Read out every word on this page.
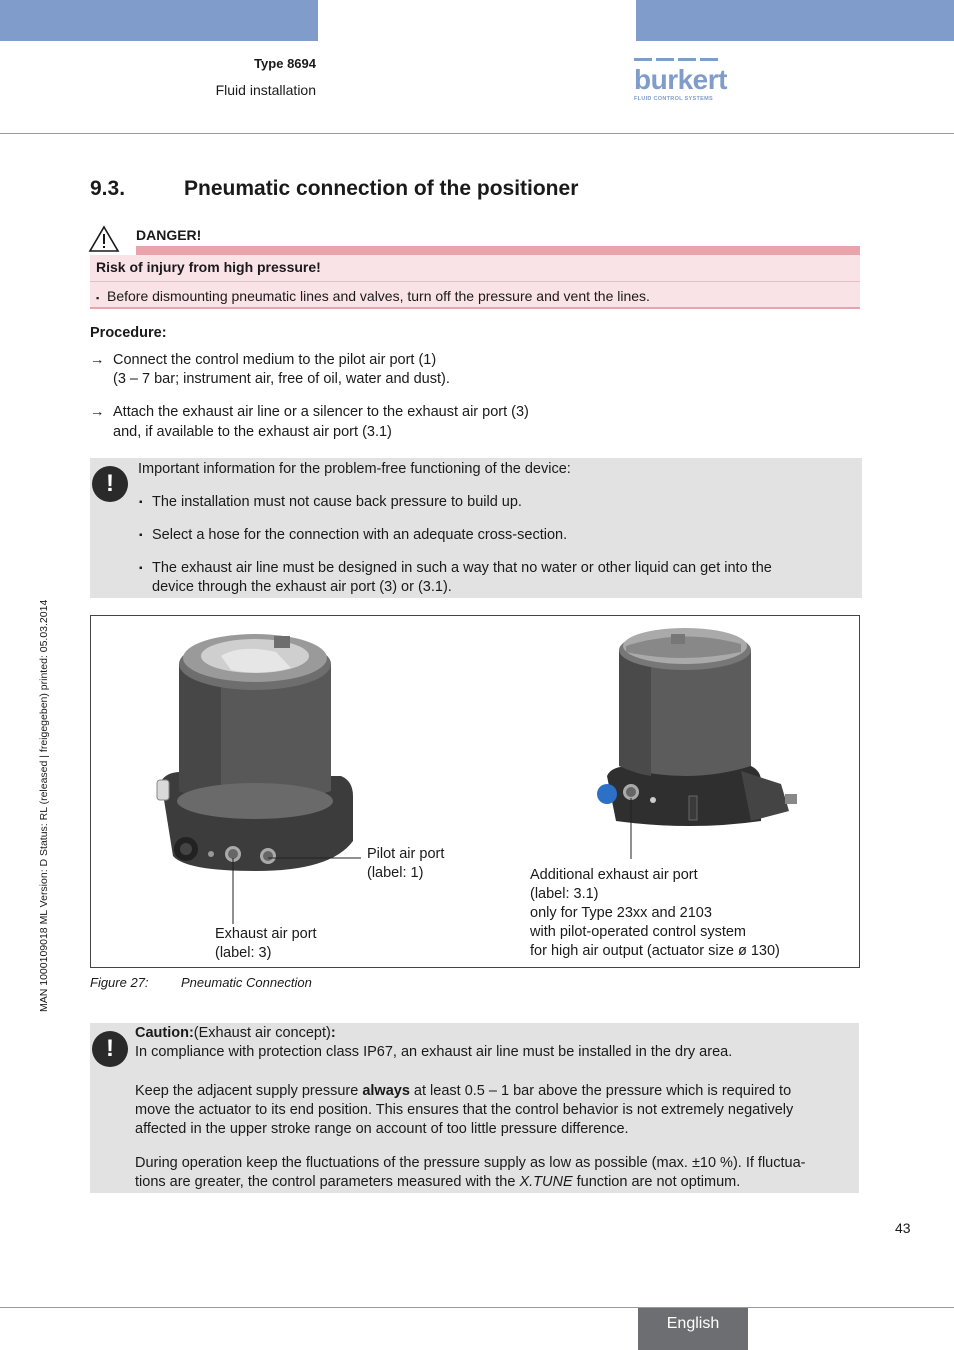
Type 8694
Fluid installation	burkert
FLUID CONTROL SYSTEMS
MAN 1000109018 ML Version: D Status: RL (released | freigegeben) printed: 05.03.2014
9.3.	Pneumatic connection of the positioner
DANGER!
Risk of injury from high pressure!
▪ Before dismounting pneumatic lines and valves, turn off the pressure and vent the lines.
Procedure:
→ Connect the control medium to the pilot air port (1)
(3 – 7 bar; instrument air, free of oil, water and dust).
→ Attach the exhaust air line or a silencer to the exhaust air port (3)
and, if available to the exhaust air port (3.1)
!
Important information for the problem-free functioning of the device:
▪ The installation must not cause back pressure to build up.
▪ Select a hose for the connection with an adequate cross-section.
▪ The exhaust air line must be designed in such a way that no water or other liquid can get into the
device through the exhaust air port (3) or (3.1).
Pilot air port
(label: 1)
Exhaust air port
(label: 3)
Additional exhaust air port
(label: 3.1)
only for Type 23xx and 2103
with pilot-operated control system
for high air output (actuator size ø 130)
Figure 27: Pneumatic Connection
!
Caution:(Exhaust air concept):
In compliance with protection class IP67, an exhaust air line must be installed in the dry area.
Keep the adjacent supply pressure always at least 0.5 – 1 bar above the pressure which is required to
move the actuator to its end position. This ensures that the control behavior is not extremely negatively
affected in the upper stroke range on account of too little pressure difference.
During operation keep the fluctuations of the pressure supply as low as possible (max. ±10 %). If fluctua-
tions are greater, the control parameters measured with the X.TUNE function are not optimum.
43
English
